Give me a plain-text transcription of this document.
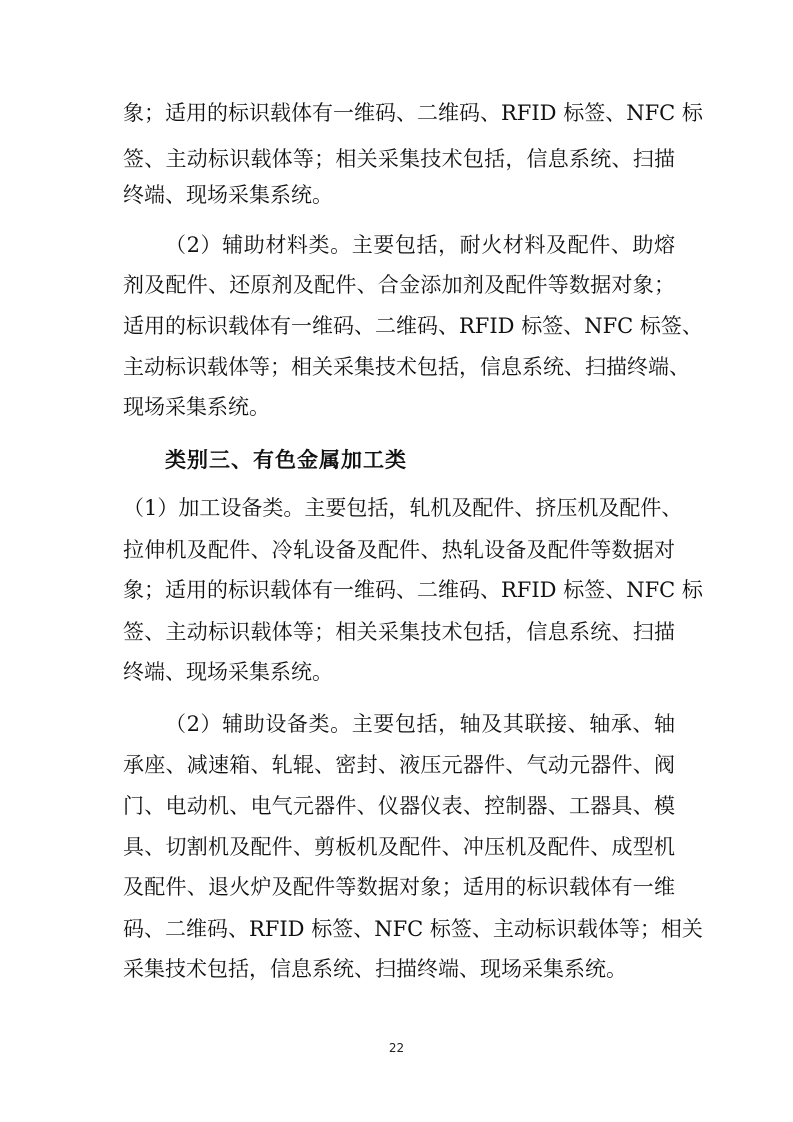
象；适用的标识载体有一维码、二维码、RFID 标签、NFC 标
签、主动标识载体等；相关采集技术包括，信息系统、扫描
终端、现场采集系统。
（2）辅助材料类。主要包括，耐火材料及配件、助熔
剂及配件、还原剂及配件、合金添加剂及配件等数据对象；
适用的标识载体有一维码、二维码、RFID 标签、NFC 标签、
主动标识载体等；相关采集技术包括，信息系统、扫描终端、
现场采集系统。
类别三、有色金属加工类
（1）加工设备类。主要包括，轧机及配件、挤压机及配件、
拉伸机及配件、冷轧设备及配件、热轧设备及配件等数据对
象；适用的标识载体有一维码、二维码、RFID 标签、NFC 标
签、主动标识载体等；相关采集技术包括，信息系统、扫描
终端、现场采集系统。
（2）辅助设备类。主要包括，轴及其联接、轴承、轴
承座、减速箱、轧辊、密封、液压元器件、气动元器件、阀
门、电动机、电气元器件、仪器仪表、控制器、工器具、模
具、切割机及配件、剪板机及配件、冲压机及配件、成型机
及配件、退火炉及配件等数据对象；适用的标识载体有一维
码、二维码、RFID 标签、NFC 标签、主动标识载体等；相关
采集技术包括，信息系统、扫描终端、现场采集系统。
22
